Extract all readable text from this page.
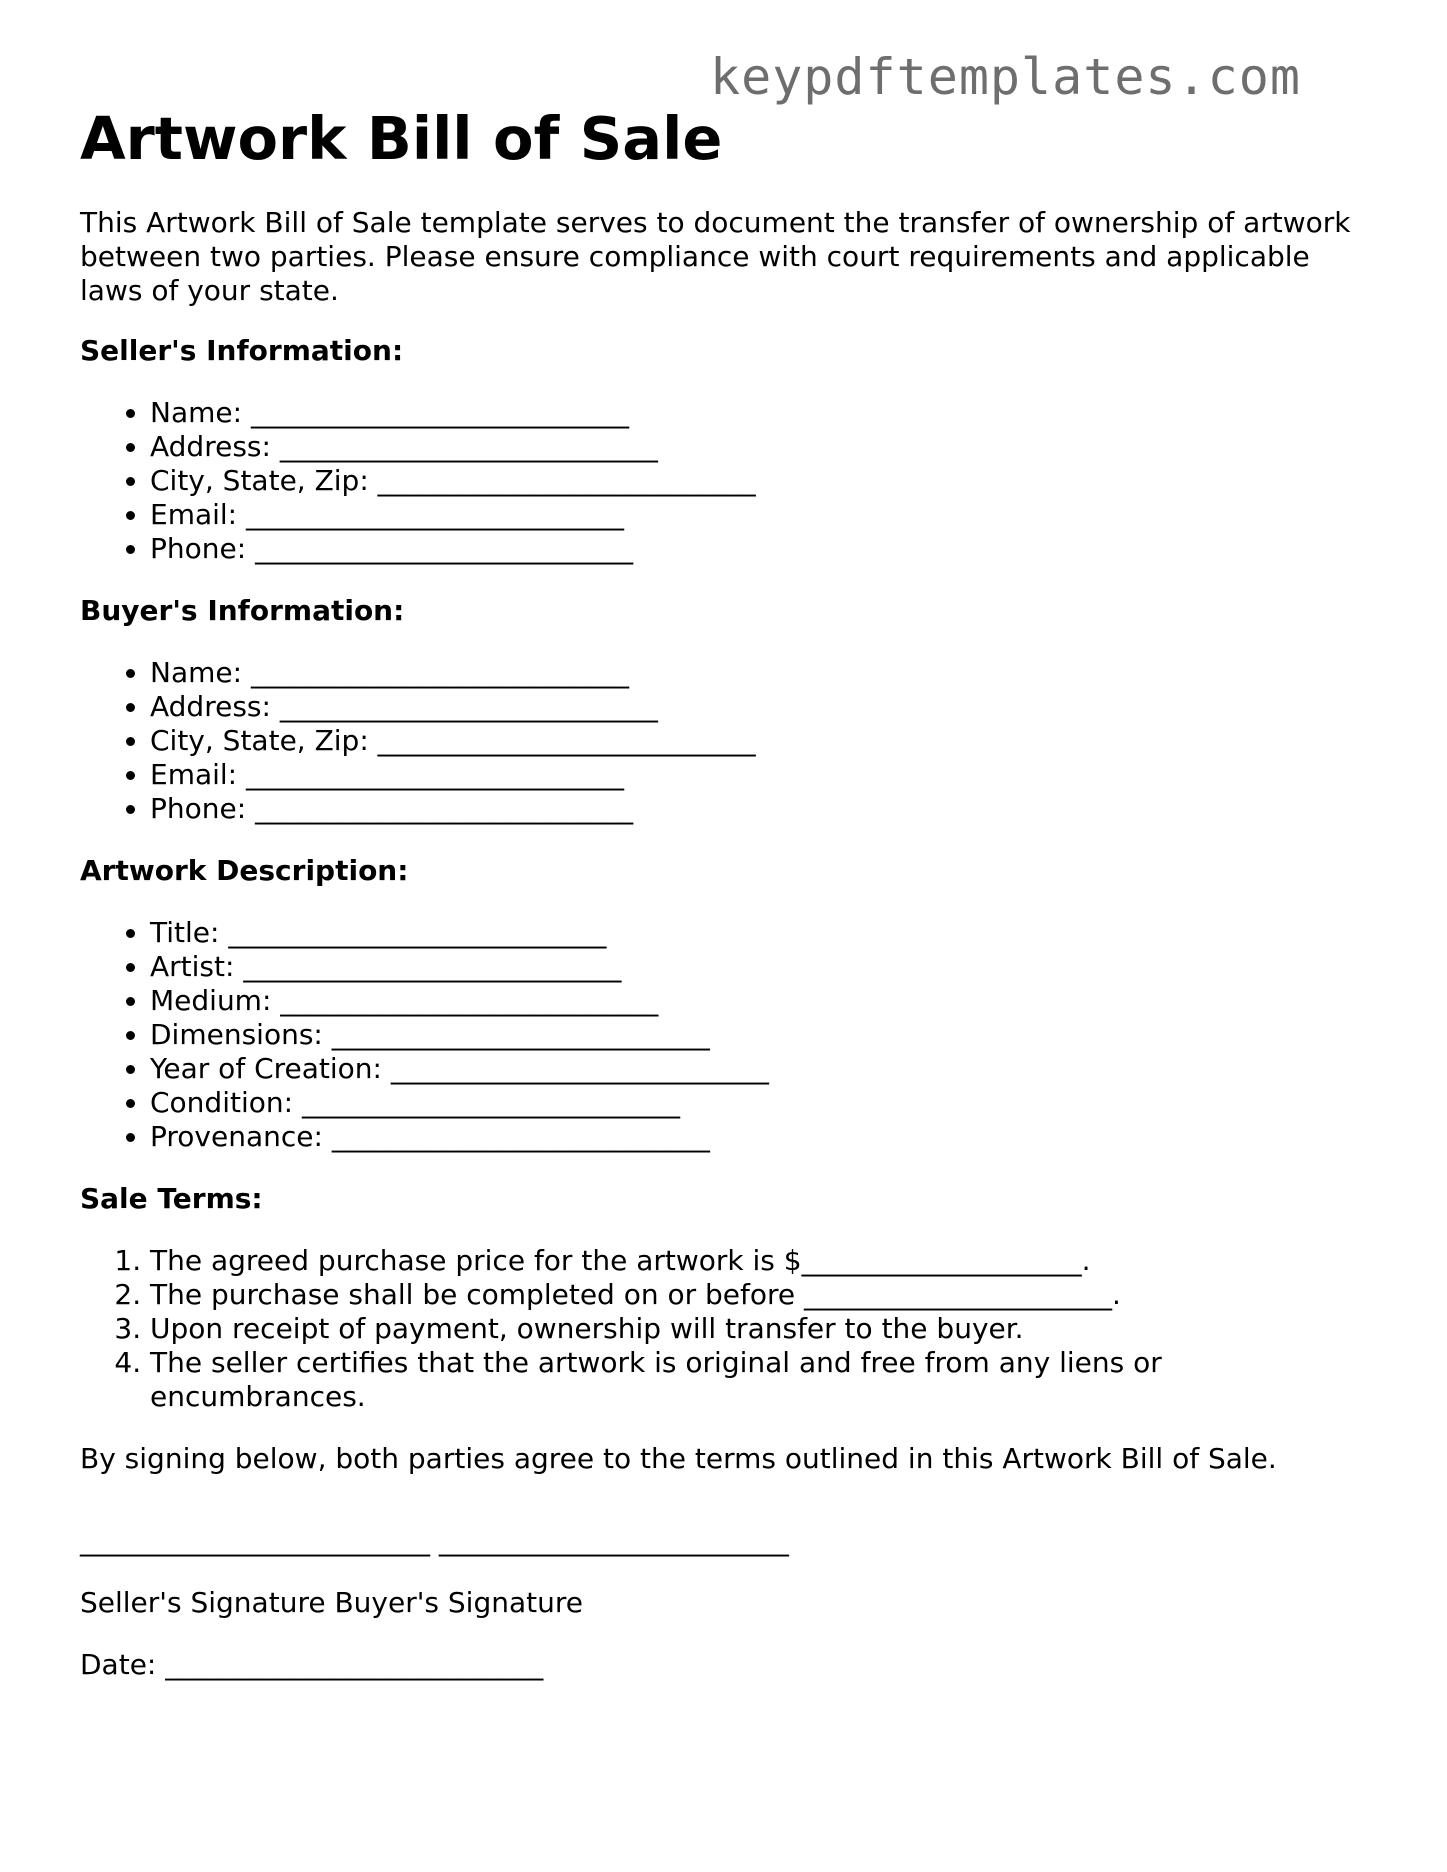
keypdftemplates.com
Artwork Bill of Sale

This Artwork Bill of Sale template serves to document the transfer of ownership of artwork between two parties. Please ensure compliance with court requirements and applicable laws of your state.

Seller's Information:

• Name: ___________________________
• Address: ___________________________
• City, State, Zip: ___________________________
• Email: ___________________________
• Phone: ___________________________

Buyer's Information:

• Name: ___________________________
• Address: ___________________________
• City, State, Zip: ___________________________
• Email: ___________________________
• Phone: ___________________________

Artwork Description:

• Title: ___________________________
• Artist: ___________________________
• Medium: ___________________________
• Dimensions: ___________________________
• Year of Creation: ___________________________
• Condition: ___________________________
• Provenance: ___________________________

Sale Terms:

1. The agreed purchase price for the artwork is $____________________.
2. The purchase shall be completed on or before ______________________.
3. Upon receipt of payment, ownership will transfer to the buyer.
4. The seller certifies that the artwork is original and free from any liens or encumbrances.

By signing below, both parties agree to the terms outlined in this Artwork Bill of Sale.

_________________________ _________________________

Seller's Signature Buyer's Signature

Date: ___________________________
